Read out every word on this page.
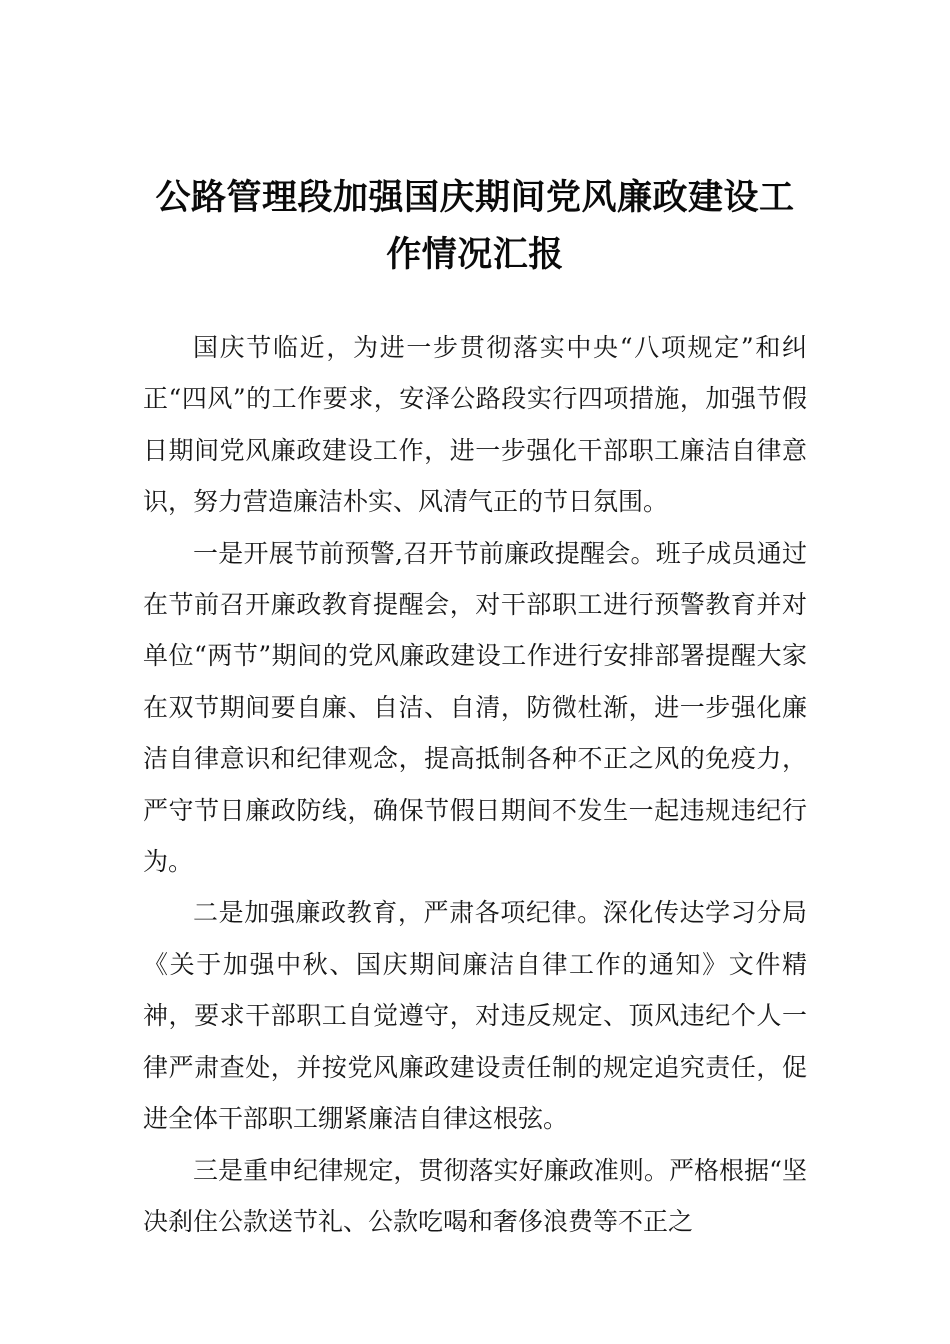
公路管理段加强国庆期间党风廉政建设工作情况汇报

国庆节临近，为进一步贯彻落实中央“八项规定”和纠正“四风”的工作要求，安泽公路段实行四项措施，加强节假日期间党风廉政建设工作，进一步强化干部职工廉洁自律意识，努力营造廉洁朴实、风清气正的节日氛围。

一是开展节前预警,召开节前廉政提醒会。班子成员通过在节前召开廉政教育提醒会，对干部职工进行预警教育并对单位“两节”期间的党风廉政建设工作进行安排部署提醒大家在双节期间要自廉、自洁、自清，防微杜渐，进一步强化廉洁自律意识和纪律观念，提高抵制各种不正之风的免疫力，严守节日廉政防线，确保节假日期间不发生一起违规违纪行为。

二是加强廉政教育，严肃各项纪律。深化传达学习分局《关于加强中秋、国庆期间廉洁自律工作的通知》文件精神，要求干部职工自觉遵守，对违反规定、顶风违纪个人一律严肃查处，并按党风廉政建设责任制的规定追究责任，促进全体干部职工绷紧廉洁自律这根弦。

三是重申纪律规定，贯彻落实好廉政准则。严格根据“坚决刹住公款送节礼、公款吃喝和奢侈浪费等不正之
